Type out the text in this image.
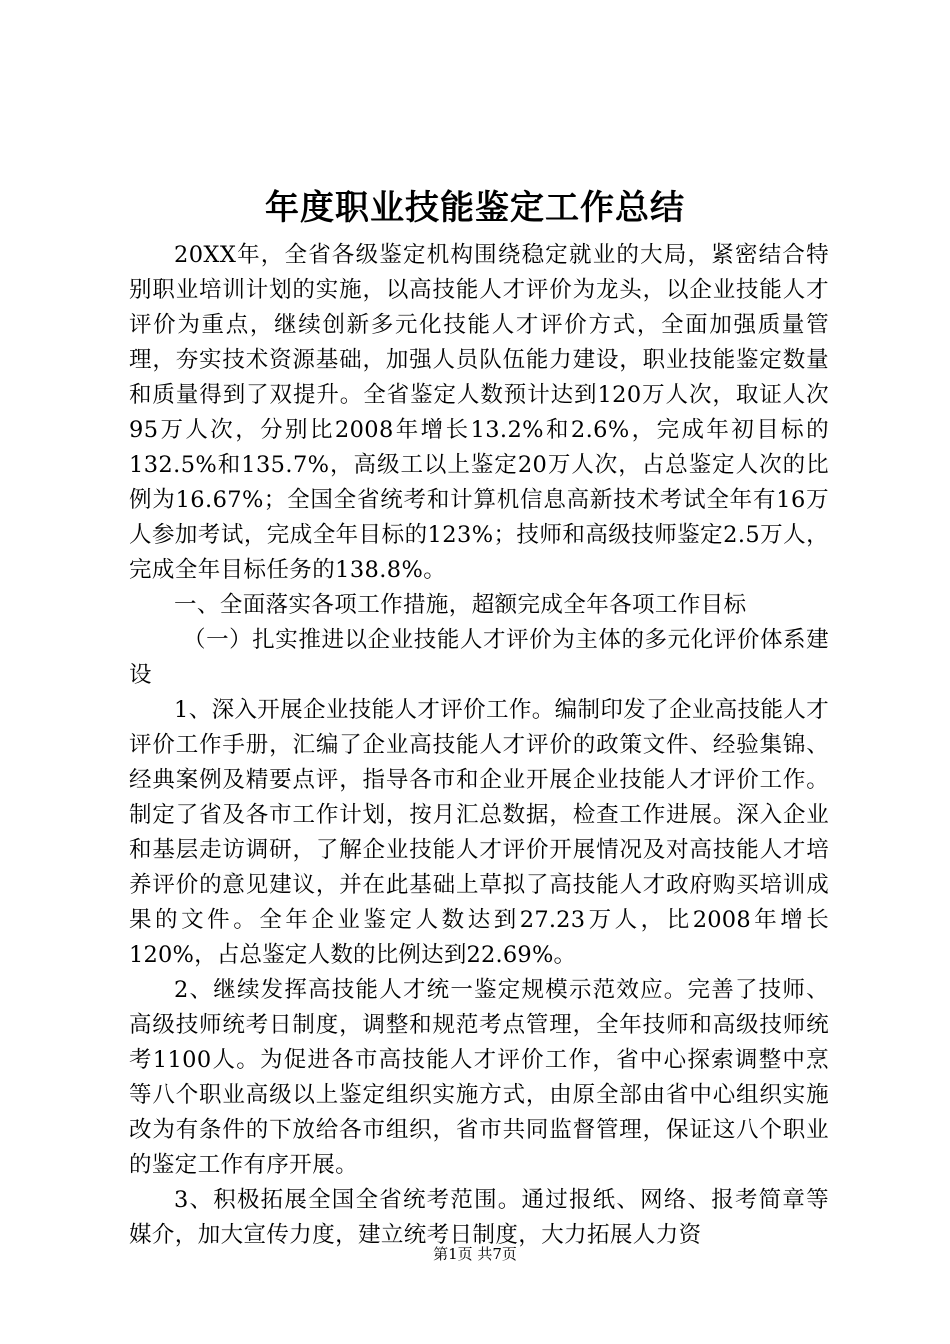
年度职业技能鉴定工作总结

20XX年，全省各级鉴定机构围绕稳定就业的大局，紧密结合特别职业培训计划的实施，以高技能人才评价为龙头，以企业技能人才评价为重点，继续创新多元化技能人才评价方式，全面加强质量管理，夯实技术资源基础，加强人员队伍能力建设，职业技能鉴定数量和质量得到了双提升。全省鉴定人数预计达到120万人次，取证人次95万人次，分别比2008年增长13.2%和2.6%，完成年初目标的132.5%和135.7%，高级工以上鉴定20万人次，占总鉴定人次的比例为16.67%；全国全省统考和计算机信息高新技术考试全年有16万人参加考试，完成全年目标的123%；技师和高级技师鉴定2.5万人，完成全年目标任务的138.8%。

一、全面落实各项工作措施，超额完成全年各项工作目标

（一）扎实推进以企业技能人才评价为主体的多元化评价体系建设

1、深入开展企业技能人才评价工作。编制印发了企业高技能人才评价工作手册，汇编了企业高技能人才评价的政策文件、经验集锦、经典案例及精要点评，指导各市和企业开展企业技能人才评价工作。制定了省及各市工作计划，按月汇总数据，检查工作进展。深入企业和基层走访调研，了解企业技能人才评价开展情况及对高技能人才培养评价的意见建议，并在此基础上草拟了高技能人才政府购买培训成果的文件。全年企业鉴定人数达到27.23万人，比2008年增长120%，占总鉴定人数的比例达到22.69%。

2、继续发挥高技能人才统一鉴定规模示范效应。完善了技师、高级技师统考日制度，调整和规范考点管理，全年技师和高级技师统考1100人。为促进各市高技能人才评价工作，省中心探索调整中烹等八个职业高级以上鉴定组织实施方式，由原全部由省中心组织实施改为有条件的下放给各市组织，省市共同监督管理，保证这八个职业的鉴定工作有序开展。

3、积极拓展全国全省统考范围。通过报纸、网络、报考简章等媒介，加大宣传力度，建立统考日制度，大力拓展人力资

第1页 共7页
